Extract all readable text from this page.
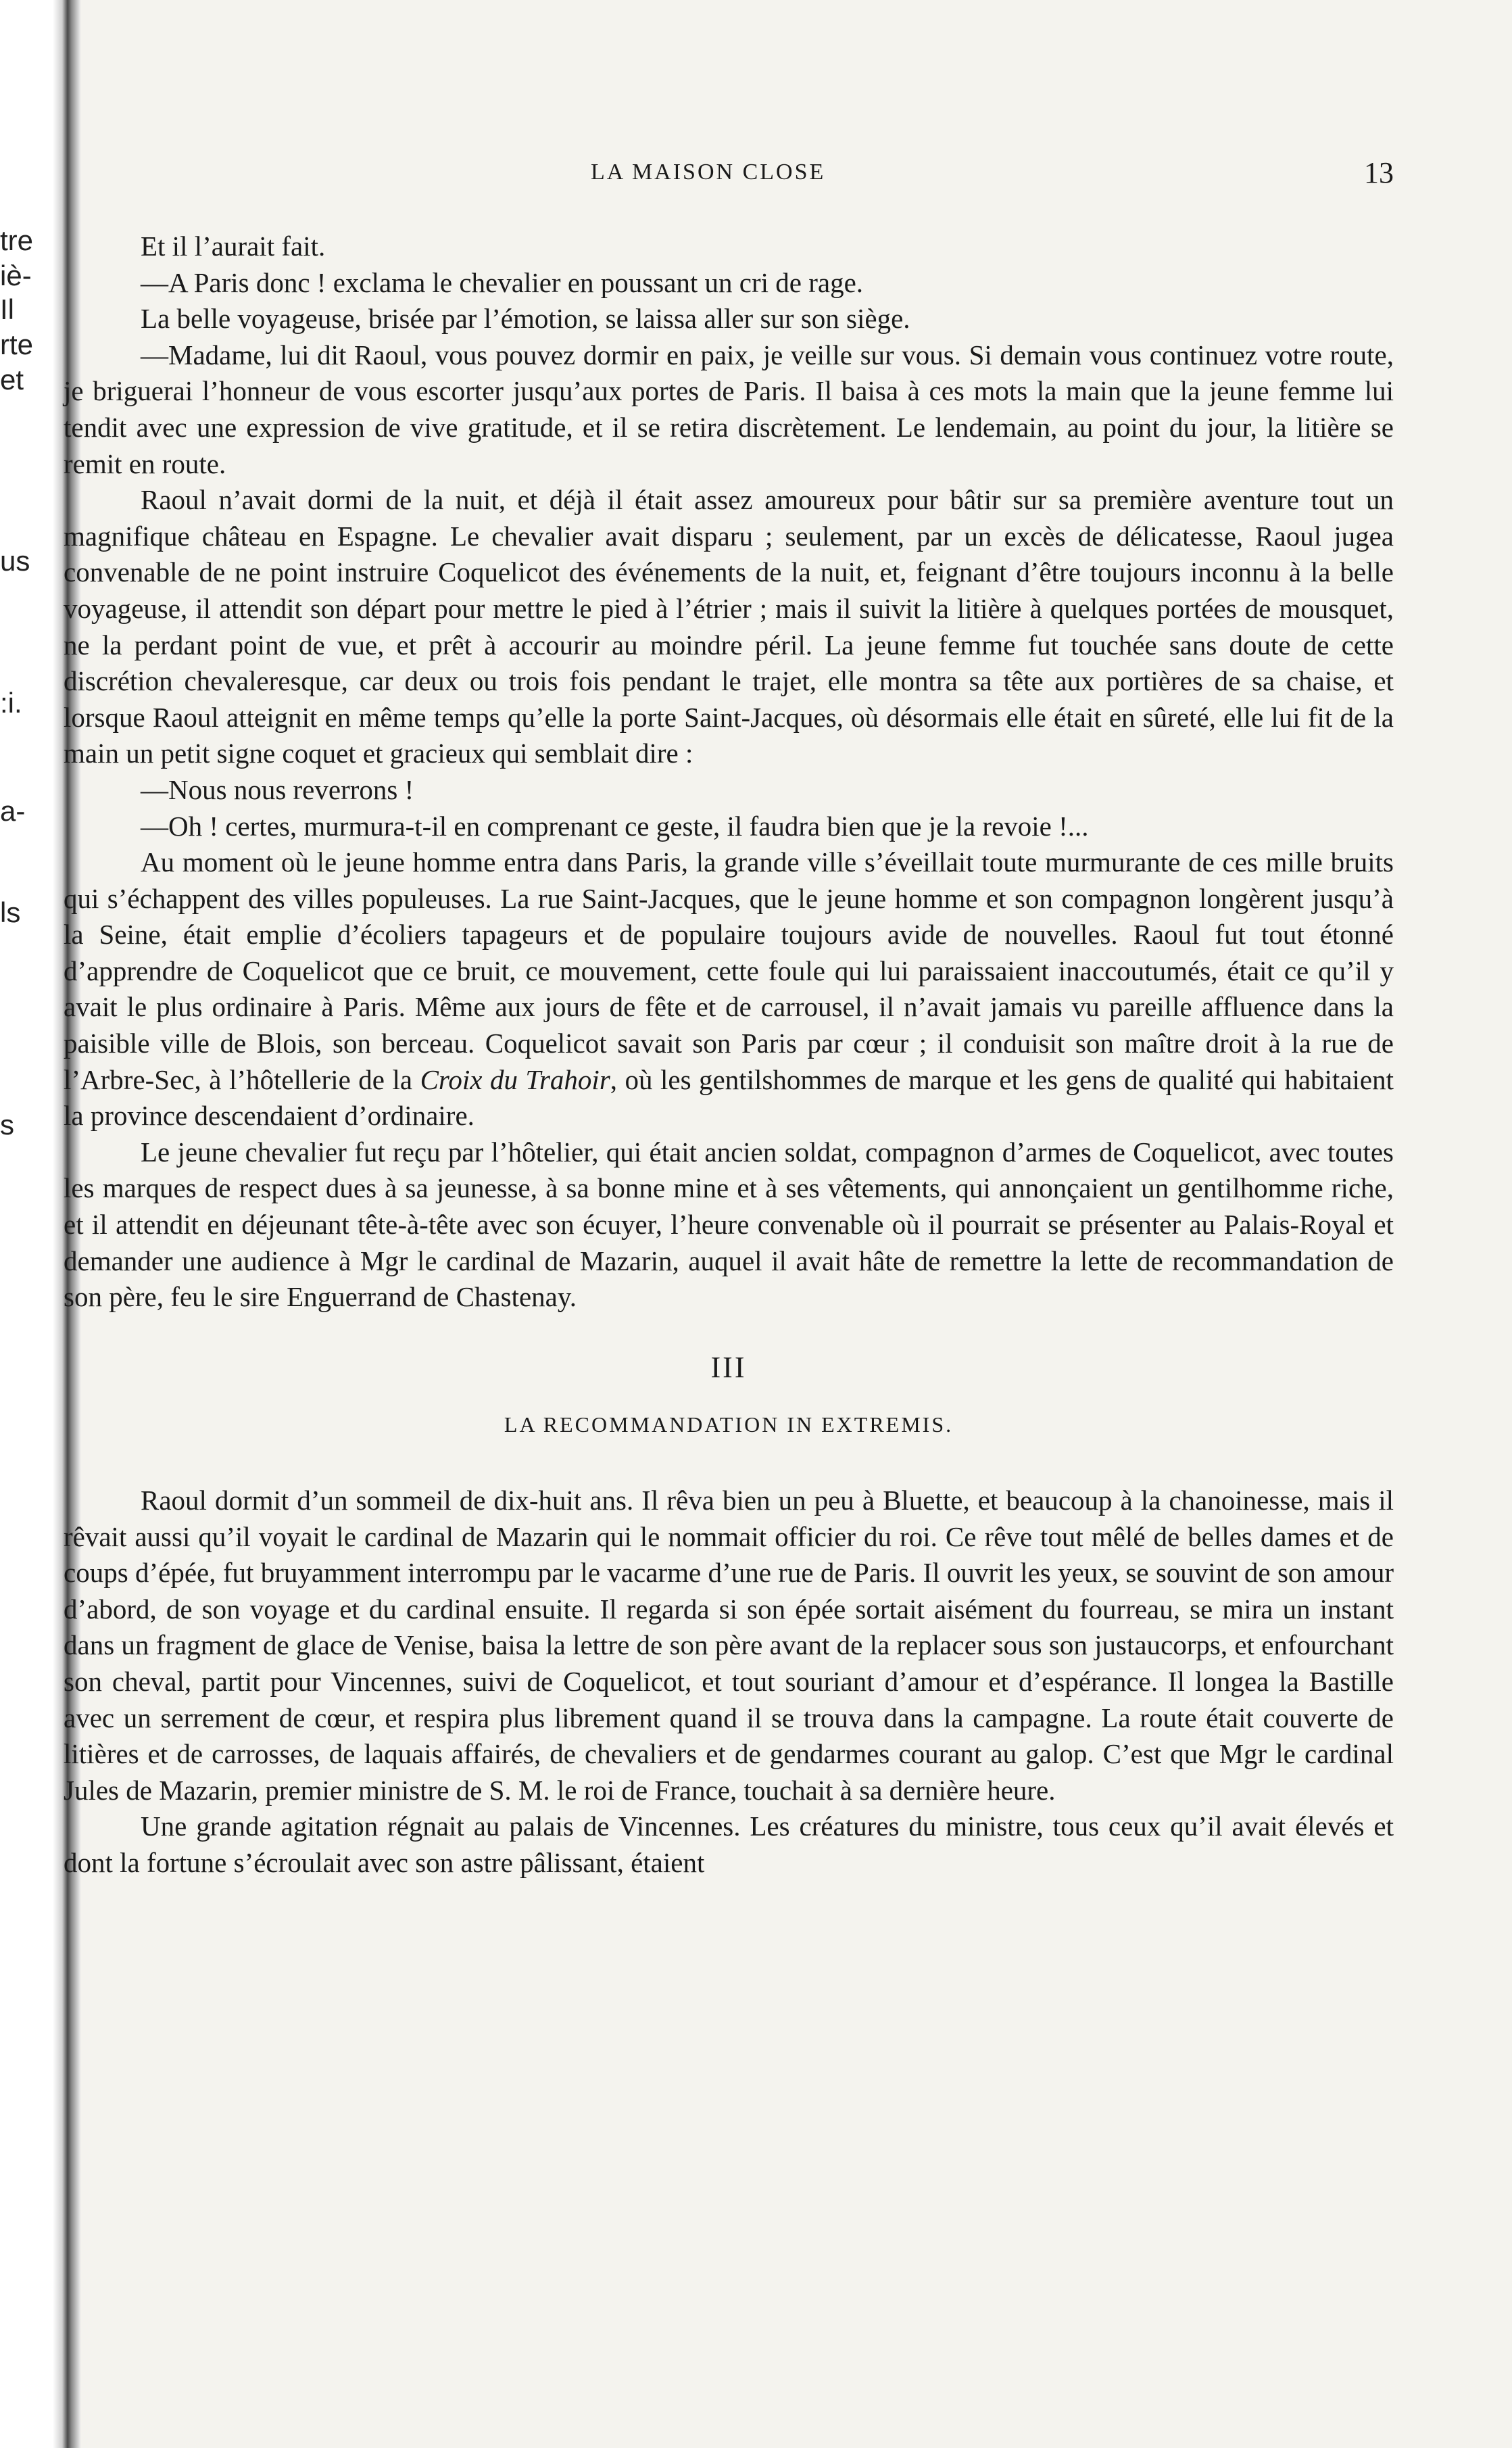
tre
iè-
Il
rte
et
us
:i.
a-
ls
s
LA MAISON CLOSE	13

Et il l’aurait fait.

—A Paris donc ! exclama le chevalier en poussant un cri de rage.

La belle voyageuse, brisée par l’émotion, se laissa aller sur son siège.

—Madame, lui dit Raoul, vous pouvez dormir en paix, je veille sur vous. Si demain vous continuez votre route, je briguerai l’honneur de vous escorter jusqu’aux portes de Paris. Il baisa à ces mots la main que la jeune femme lui tendit avec une expression de vive gratitude, et il se retira discrètement. Le lendemain, au point du jour, la litière se remit en route.

Raoul n’avait dormi de la nuit, et déjà il était assez amoureux pour bâtir sur sa première aventure tout un magnifique château en Espagne. Le chevalier avait disparu ; seulement, par un excès de délicatesse, Raoul jugea convenable de ne point instruire Coquelicot des événements de la nuit, et, feignant d’être toujours inconnu à la belle voyageuse, il attendit son départ pour mettre le pied à l’étrier ; mais il suivit la litière à quelques portées de mousquet, ne la perdant point de vue, et prêt à accourir au moindre péril. La jeune femme fut touchée sans doute de cette discrétion chevaleresque, car deux ou trois fois pendant le trajet, elle montra sa tête aux portières de sa chaise, et lorsque Raoul atteignit en même temps qu’elle la porte Saint-Jacques, où désormais elle était en sûreté, elle lui fit de la main un petit signe coquet et gracieux qui semblait dire :

—Nous nous reverrons !

—Oh ! certes, murmura-t-il en comprenant ce geste, il faudra bien que je la revoie !...

Au moment où le jeune homme entra dans Paris, la grande ville s’éveillait toute murmurante de ces mille bruits qui s’échappent des villes populeuses. La rue Saint-Jacques, que le jeune homme et son compagnon longèrent jusqu’à la Seine, était emplie d’écoliers tapageurs et de populaire toujours avide de nouvelles. Raoul fut tout étonné d’apprendre de Coquelicot que ce bruit, ce mouvement, cette foule qui lui paraissaient inaccoutumés, était ce qu’il y avait le plus ordinaire à Paris. Même aux jours de fête et de carrousel, il n’avait jamais vu pareille affluence dans la paisible ville de Blois, son berceau. Coquelicot savait son Paris par cœur ; il conduisit son maître droit à la rue de l’Arbre-Sec, à l’hôtellerie de la Croix du Trahoir, où les gentilshommes de marque et les gens de qualité qui habitaient la province descendaient d’ordinaire.

Le jeune chevalier fut reçu par l’hôtelier, qui était ancien soldat, compagnon d’armes de Coquelicot, avec toutes les marques de respect dues à sa jeunesse, à sa bonne mine et à ses vêtements, qui annonçaient un gentilhomme riche, et il attendit en déjeunant tête-à-tête avec son écuyer, l’heure convenable où il pourrait se présenter au Palais-Royal et demander une audience à Mgr le cardinal de Mazarin, auquel il avait hâte de remettre la lette de recommandation de son père, feu le sire Enguerrand de Chastenay.

III
LA RECOMMANDATION IN EXTREMIS.

Raoul dormit d’un sommeil de dix-huit ans. Il rêva bien un peu à Bluette, et beaucoup à la chanoinesse, mais il rêvait aussi qu’il voyait le cardinal de Mazarin qui le nommait officier du roi. Ce rêve tout mêlé de belles dames et de coups d’épée, fut bruyamment interrompu par le vacarme d’une rue de Paris. Il ouvrit les yeux, se souvint de son amour d’abord, de son voyage et du cardinal ensuite. Il regarda si son épée sortait aisément du fourreau, se mira un instant dans un fragment de glace de Venise, baisa la lettre de son père avant de la replacer sous son justaucorps, et enfourchant son cheval, partit pour Vincennes, suivi de Coquelicot, et tout souriant d’amour et d’espérance. Il longea la Bastille avec un serrement de cœur, et respira plus librement quand il se trouva dans la campagne. La route était couverte de litières et de carrosses, de laquais affairés, de chevaliers et de gendarmes courant au galop. C’est que Mgr le cardinal Jules de Mazarin, premier ministre de S. M. le roi de France, touchait à sa dernière heure.

Une grande agitation régnait au palais de Vincennes. Les créatures du ministre, tous ceux qu’il avait élevés et dont la fortune s’écroulait avec son astre pâlissant, étaient
